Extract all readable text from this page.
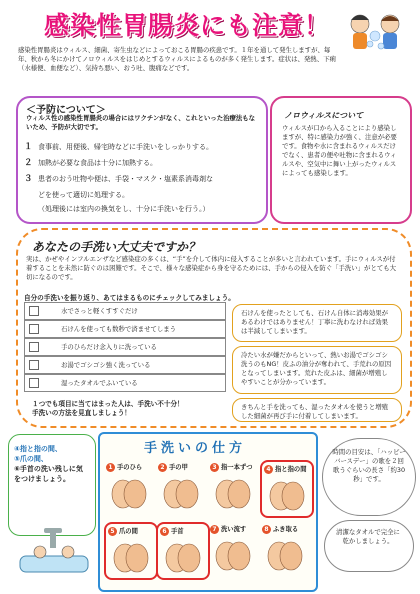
感染性胃腸炎にも注意！
感染性胃腸炎はウィルス、細菌、寄生虫などによっておこる胃腸の疾患です。１年を通して発生しますが、毎年、秋から冬にかけてノロウィルスをはじめとするウィルスによるものが多く発生します。症状は、発熱、下痢（水様便、血便など）、気持ち悪い、おう吐、腹痛などです。
＜予防について＞
ウィルス性の感染性胃腸炎の場合にはワクチンがなく、これといった治療法もないため、予防が大切です。
１ 食事前、用便後、帰宅時などに手洗いをしっかりする。
２ 加熱が必要な食品は十分に加熱する。
３ 患者のおう吐物や便は、手袋・マスク・塩素系消毒剤な
どを使って適切に処理する。
（処理後には室内の換気をし、十分に手洗いを行う。）
ノロウィルスについて
ウィルスが口から入ることにより感染しますが、特に感染力が強く、注意が必要です。食物や水に含まれるウィルスだけでなく、患者の便や吐物に含まれるウィルスや、空気中に舞い上がったウィルスによっても感染します。
あなたの手洗い大丈夫ですか？
実は、かぜやインフルエンザなど感染症の多くは、“手”を介して体内に侵入することが多いと言われています。手にウィルスが付着することを未然に防ぐのは困難です。そこで、様々な感染症から身を守るためには、手からの侵入を防ぐ「手洗い」がとても大切になるのです。
自分の手洗いを振り返り、あてはまるものにチェックしてみましょう。
水でさっと軽くすすぐだけ
石けんを使っても数秒で済ませてしまう
手のひらだけ念入りに洗っている
お湯でゴシゴシ強く洗っている
湿ったタオルでふいている
１つでも項目に当てはまった人は、手洗い不十分！
手洗いの方法を見直しましょう！
石けんを使ったとしても、石けん自体に消毒効果があるわけではありません！丁寧に洗わなければ効果は半減してしまいます。
冷たい水が嫌だからといって、熱いお湯でゴシゴシ洗うのもNG！皮ふの油分が奪われて、手荒れの原因となってしまいます。荒れた皮ふは、細菌が増殖しやすいことが分かっています。
きちんと手を洗っても、湿ったタオルを使うと増殖した細菌が再び手に付着してしまいます。
④指と指の間、
⑤爪の間、
⑥手首の洗い残しに気をつけましょう。
手洗いの仕方
1 手のひら	2 手の甲	3 指一本ずつ	4 指と指の間
5 爪の間	6 手首	7 洗い流す	8 ふき取る
時間の目安は、「ハッピーバースデー」の歌を２回歌うぐらいの長さ「約30秒」です。
清潔なタオルで完全に乾かしましょう。
